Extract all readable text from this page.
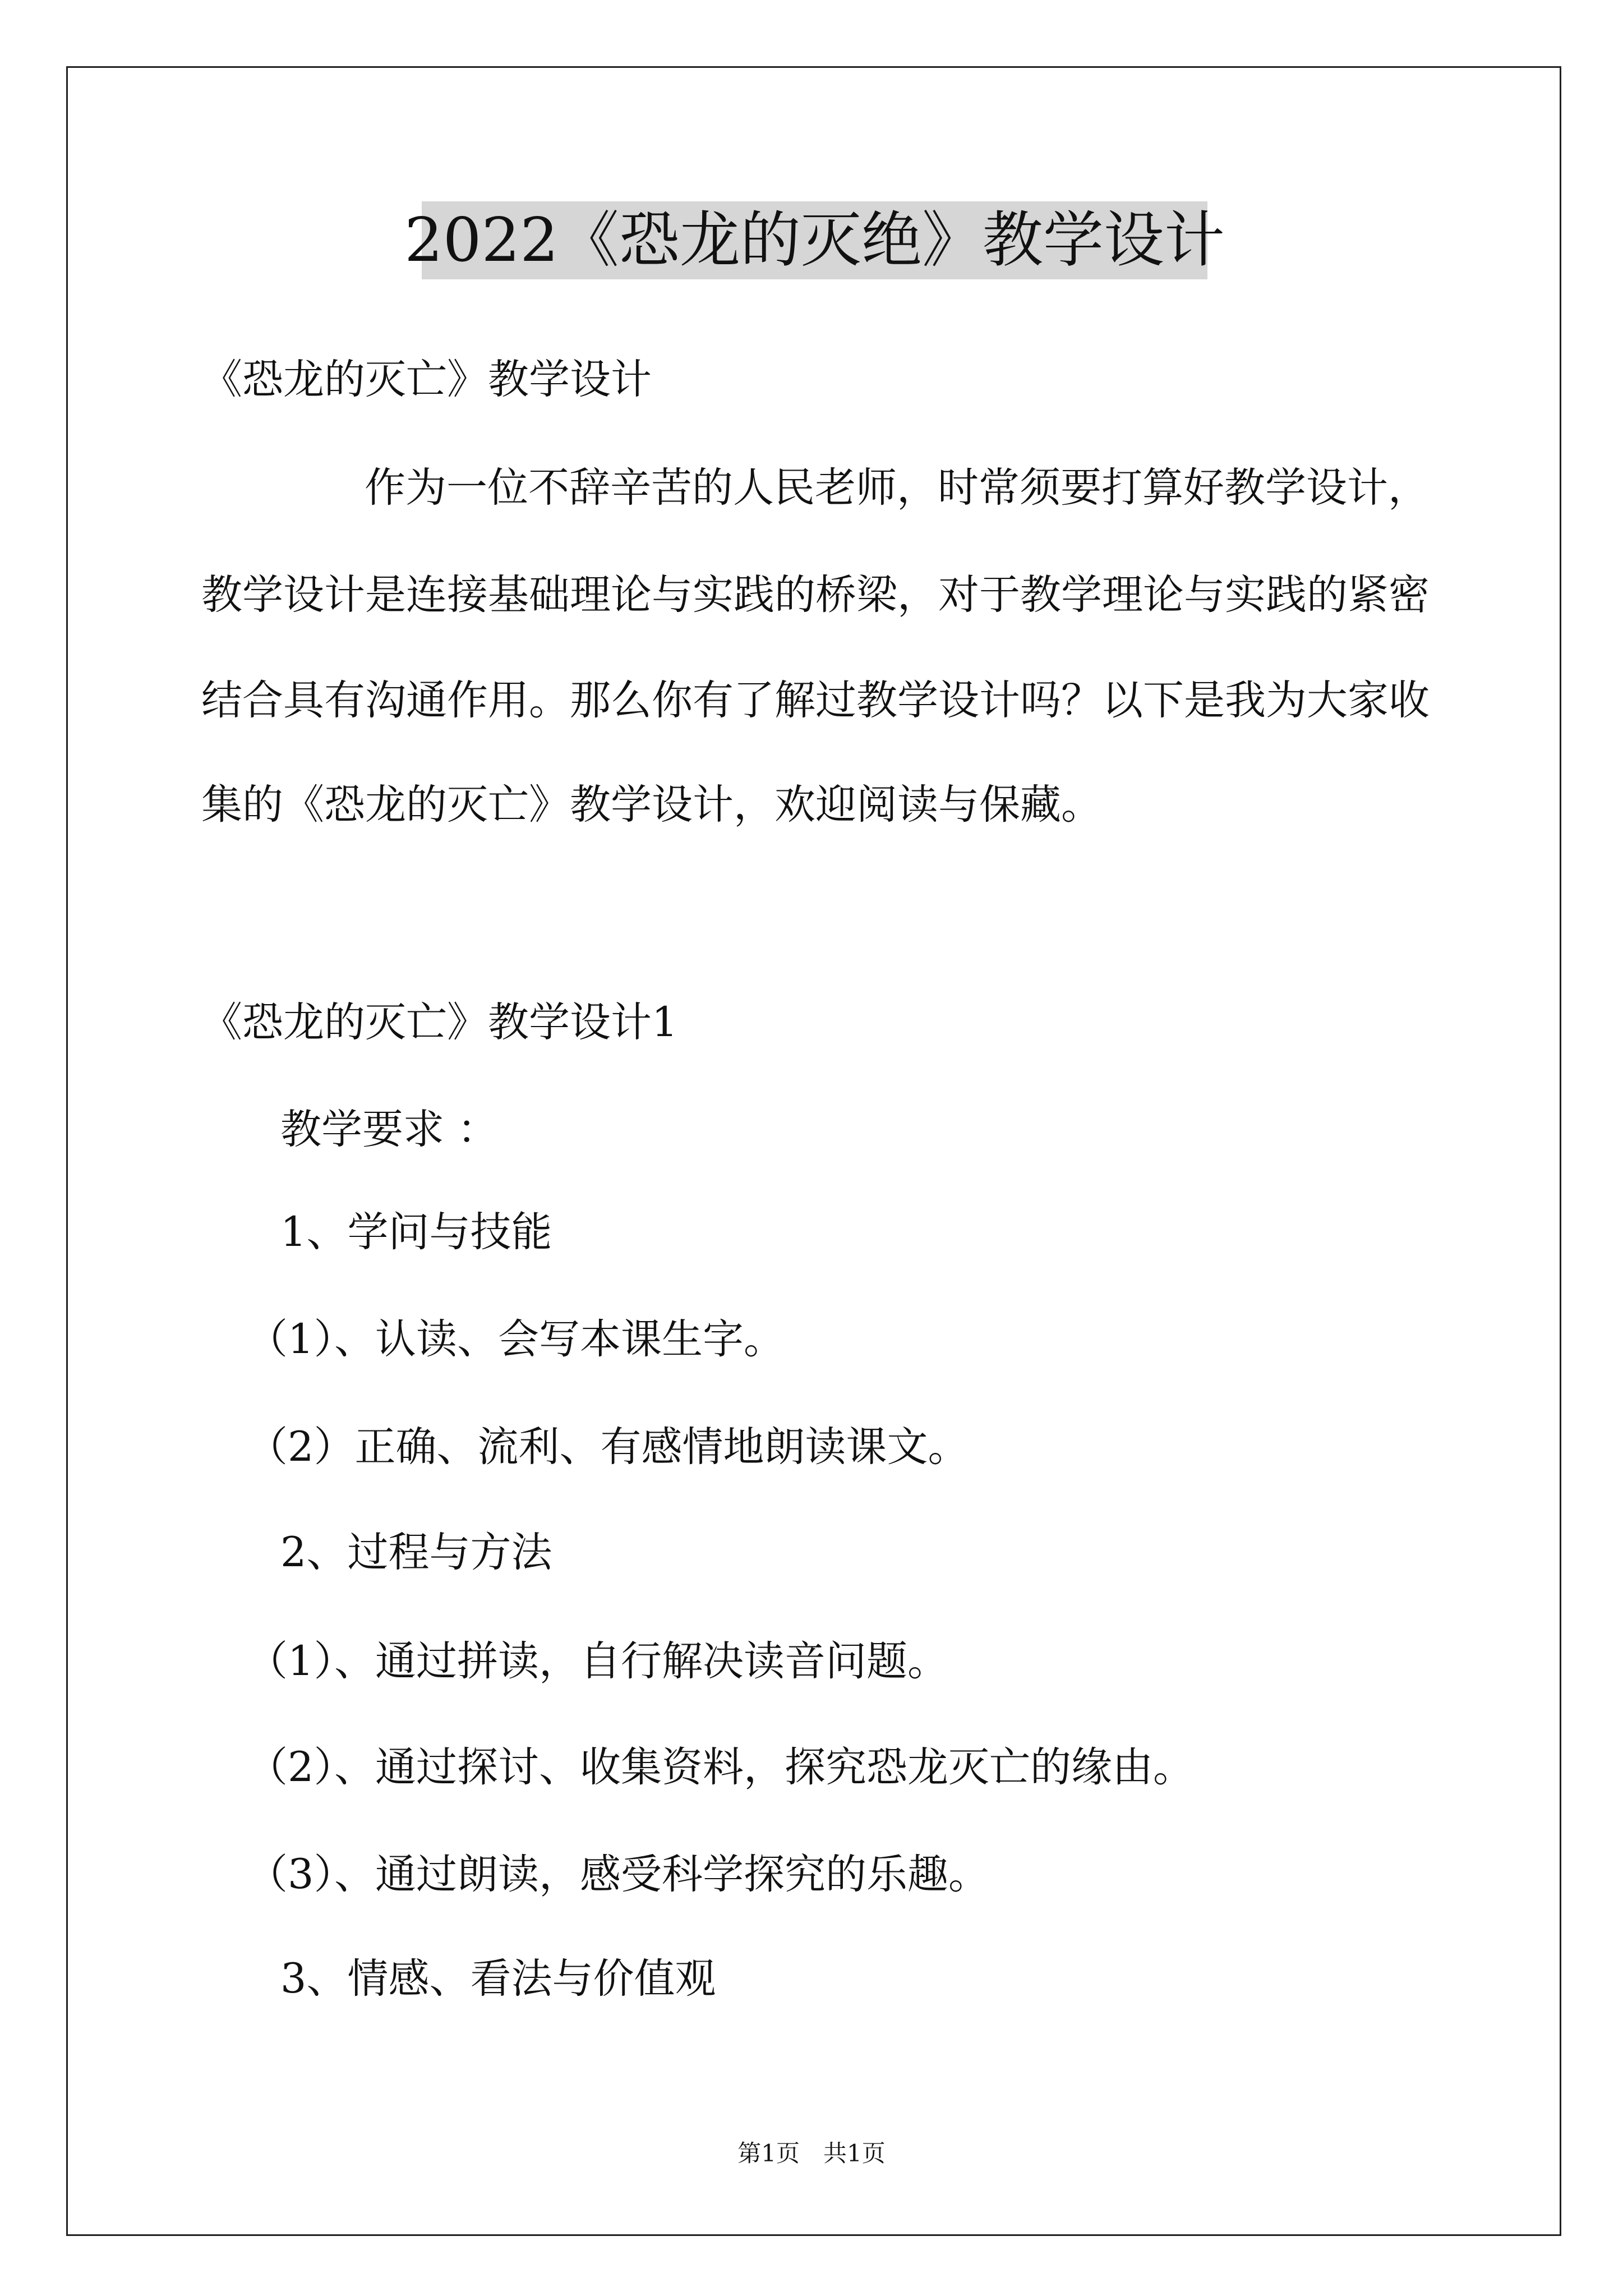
2022《恐龙的灭绝》教学设计
《恐龙的灭亡》教学设计
作为一位不辞辛苦的人民老师，时常须要打算好教学设计，
教学设计是连接基础理论与实践的桥梁，对于教学理论与实践的紧密
结合具有沟通作用。那么你有了解过教学设计吗？以下是我为大家收
集的《恐龙的灭亡》教学设计，欢迎阅读与保藏。
《恐龙的灭亡》教学设计1
教学要求 ：
1、学问与技能
（1）、认读、会写本课生字。
（2）正确、流利、有感情地朗读课文。
2、过程与方法
（1）、通过拼读，自行解决读音问题。
（2）、通过探讨、收集资料，探究恐龙灭亡的缘由。
（3）、通过朗读，感受科学探究的乐趣。
3、情感、看法与价值观
第1页 共1页
